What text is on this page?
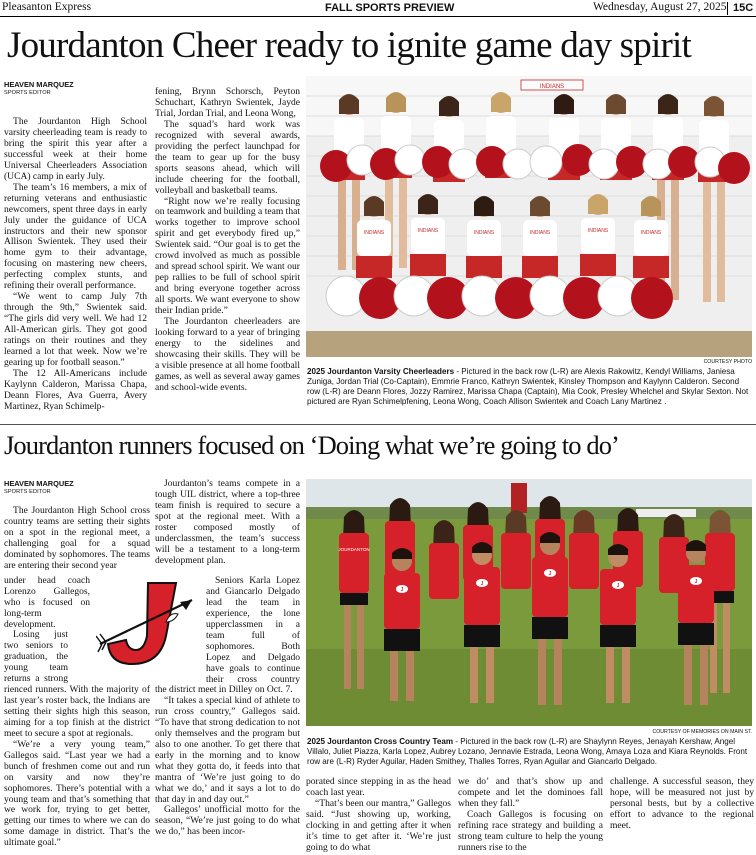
Pleasanton Express	FALL SPORTS PREVIEW	Wednesday, August 27, 2025 15C
Jourdanton Cheer ready to ignite game day spirit
HEAVEN MARQUEZ
SPORTS EDITOR

The Jourdanton High School varsity cheerleading team is ready to bring the spirit this year after a successful week at their home Universal Cheerleaders Association (UCA) camp in early July.

The team’s 16 members, a mix of returning veterans and enthusiastic newcomers, spent three days in early July under the guidance of UCA instructors and their new sponsor Allison Swientek. They used their home gym to their advantage, focusing on mastering new cheers, perfecting complex stunts, and refining their overall performance.

“We went to camp July 7th through the 9th,” Swientek said. “The girls did very well. We had 12 All-American girls. They got good ratings on their routines and they learned a lot that week. Now we’re gearing up for football season.”

The 12 All-Americans include Kaylynn Calderon, Marissa Chapa, Deann Flores, Ava Guerra, Avery Martinez, Ryan Schimelp-

fening, Brynn Schorsch, Peyton Schuchart, Kathryn Swientek, Jayde Trial, Jordan Trial, and Leona Wong,

The squad’s hard work was recognized with several awards, providing the perfect launchpad for the team to gear up for the busy sports seasons ahead, which will include cheering for the football, volleyball and basketball teams.

“Right now we’re really focusing on teamwork and building a team that works together to improve school spirit and get everybody fired up,” Swientek said. “Our goal is to get the crowd involved as much as possible and spread school spirit. We want our pep rallies to be full of school spirit and bring everyone together across all sports. We want everyone to show their Indian pride.”

The Jourdanton cheerleaders are looking forward to a year of bringing energy to the sidelines and showcasing their skills. They will be a visible presence at all home football games, as well as several away games and school-wide events.

INDIANS
INDIANS	INDIANS	INDIANS	INDIANS	INDIANS	INDIANS
COURTESY PHOTO
2025 Jourdanton Varsity Cheerleaders - Pictured in the back row (L-R) are Alexis Rakowitz, Kendyl Williams, Janiesa Zuniga, Jordan Trial (Co-Captain), Emmrie Franco, Kathryn Swientek, Kinsley Thompson and Kaylynn Calderon. Second row (L-R) are Deann Flores, Jozzy Ramirez, Marissa Chapa (Captain), Mia Cook, Presley Whelchel and Skylar Sexton. Not pictured are Ryan Schimelpfening, Leona Wong, Coach Allison Swientek and Coach Lany Martinez .
Jourdanton runners focused on ‘Doing what we’re going to do’
HEAVEN MARQUEZ
SPORTS EDITOR

The Jourdanton High School cross country teams are setting their sights on a spot in the regional meet, a challenging goal for a squad dominated by sophomores. The teams are entering their second year

under head coach Lorenzo Gallegos, who is focused on long-term development.

Losing just two seniors to graduation, the young team returns a strong

rienced runners. With the majority of last year’s roster back, the Indians are setting their sights high this season, aiming for a top finish at the district meet to secure a spot at regionals.

“We’re a very young team,” Gallegos said. “Last year we had a bunch of freshmen come out and run on varsity and now they’re sophomores. There’s potential with a young team and that’s something that we work for, trying to get better, getting our times to where we can do some damage in district. That’s the ultimate goal.”

Jourdanton’s teams compete in a tough UIL district, where a top-three team finish is required to secure a spot at the regional meet. With a roster composed mostly of underclassmen, the team’s success will be a testament to a long-term development plan.

Seniors Karla Lopez and Giancarlo Delgado lead the team in experience, the lone upperclassmen in a team full of sophomores. Both Lopez and Delgado have goals to continue their cross country

the district meet in Dilley on Oct. 7.

“It takes a special kind of athlete to run cross country,” Gallegos said. “To have that strong dedication to not only themselves and the program but also to one another. To get there that early in the morning and to know what they gotta do, it feeds into that mantra of ‘We’re just going to do what we do,’ and it says a lot to do that day in and day out.”

Gallegos’ unofficial motto for the season, “We’re just going to do what we do,” has been incor-

JOURDANTON
J
J
J
J
J
COURTESY OF MEMORIES ON MAIN ST.
2025 Jourdanton Cross Country Team - Pictured in the back row (L-R) are Shaylynn Reyes, Jenayah Kershaw, Angel Villalo, Juliet Piazza, Karla Lopez, Aubrey Lozano, Jennavie Estrada, Leona Wong, Amaya Loza and Kiara Reynolds. Front row are (L-R) Ryder Aguilar, Haden Smithey, Thalles Torres, Ryan Aguilar and Giancarlo Delgado.

porated since stepping in as the head coach last year.

“That’s been our mantra,” Gallegos said. “Just showing up, working, clocking in and getting after it when it’s time to get after it. ‘We’re just going to do what

we do’ and that’s show up and compete and let the dominoes fall when they fall.”

Coach Gallegos is focusing on refining race strategy and building a strong team culture to help the young runners rise to the

challenge. A successful season, they hope, will be measured not just by personal bests, but by a collective effort to advance to the regional meet.
